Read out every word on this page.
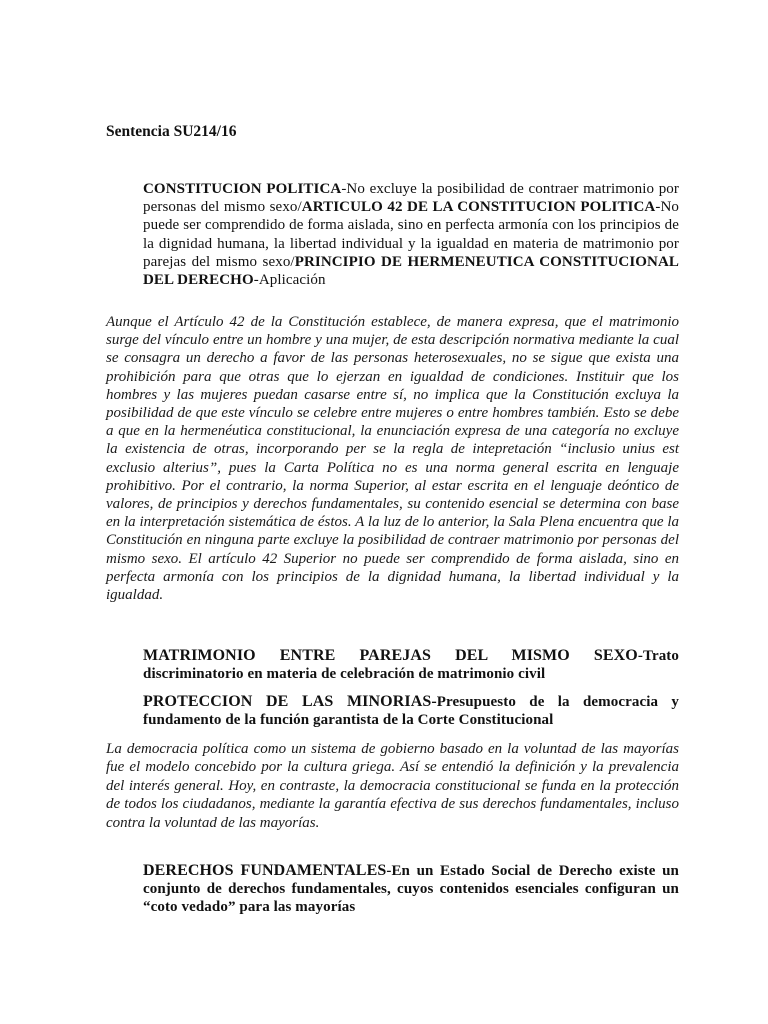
Sentencia SU214/16

CONSTITUCION POLITICA-No excluye la posibilidad de contraer matrimonio por personas del mismo sexo/ARTICULO 42 DE LA CONSTITUCION POLITICA-No puede ser comprendido de forma aislada, sino en perfecta armonía con los principios de la dignidad humana, la libertad individual y la igualdad en materia de matrimonio por parejas del mismo sexo/PRINCIPIO DE HERMENEUTICA CONSTITUCIONAL DEL DERECHO-Aplicación

Aunque el Artículo 42 de la Constitución establece, de manera expresa, que el matrimonio surge del vínculo entre un hombre y una mujer, de esta descripción normativa mediante la cual se consagra un derecho a favor de las personas heterosexuales, no se sigue que exista una prohibición para que otras que lo ejerzan en igualdad de condiciones. Instituir que los hombres y las mujeres puedan casarse entre sí, no implica que la Constitución excluya la posibilidad de que este vínculo se celebre entre mujeres o entre hombres también. Esto se debe a que en la hermenéutica constitucional, la enunciación expresa de una categoría no excluye la existencia de otras, incorporando per se la regla de intepretación “inclusio unius est exclusio alterius”, pues la Carta Política no es una norma general escrita en lenguaje prohibitivo. Por el contrario, la norma Superior, al estar escrita en el lenguaje deóntico de valores, de principios y derechos fundamentales, su contenido esencial se determina con base en la interpretación sistemática de éstos. A la luz de lo anterior, la Sala Plena encuentra que la Constitución en ninguna parte excluye la posibilidad de contraer matrimonio por personas del mismo sexo. El artículo 42 Superior no puede ser comprendido de forma aislada, sino en perfecta armonía con los principios de la dignidad humana, la libertad individual y la igualdad.

MATRIMONIO ENTRE PAREJAS DEL MISMO SEXO-Trato discriminatorio en materia de celebración de matrimonio civil

PROTECCION DE LAS MINORIAS-Presupuesto de la democracia y fundamento de la función garantista de la Corte Constitucional

La democracia política como un sistema de gobierno basado en la voluntad de las mayorías fue el modelo concebido por la cultura griega. Así se entendió la definición y la prevalencia del interés general. Hoy, en contraste, la democracia constitucional se funda en la protección de todos los ciudadanos, mediante la garantía efectiva de sus derechos fundamentales, incluso contra la voluntad de las mayorías.

DERECHOS FUNDAMENTALES-En un Estado Social de Derecho existe un conjunto de derechos fundamentales, cuyos contenidos esenciales configuran un “coto vedado” para las mayorías
